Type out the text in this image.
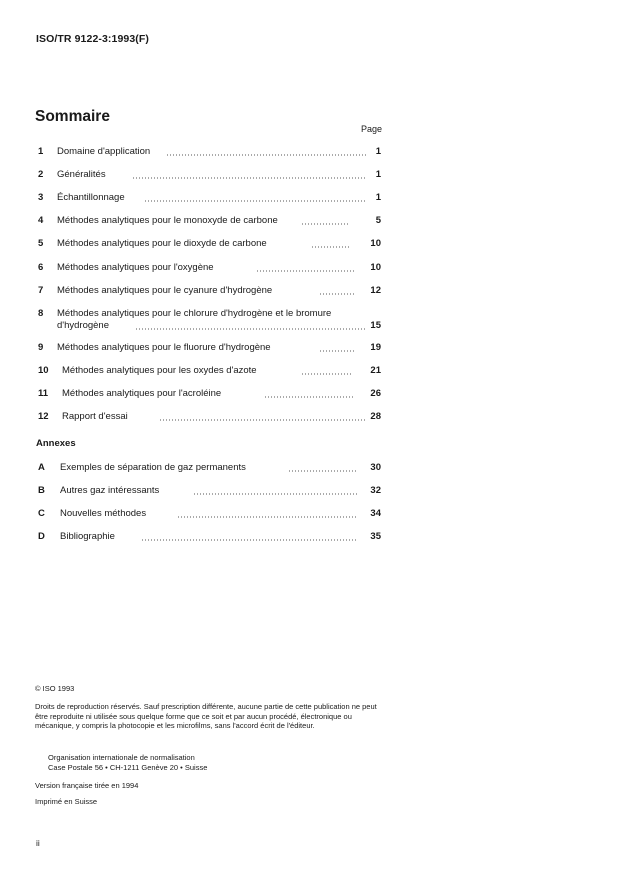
ISO/TR 9122-3:1993(F)
Sommaire
Page
1 Domaine d'application	1
2 Généralités	1
3 Échantillonnage	1
4 Méthodes analytiques pour le monoxyde de carbone	5
5 Méthodes analytiques pour le dioxyde de carbone	10
6 Méthodes analytiques pour l'oxygène	10
7 Méthodes analytiques pour le cyanure d'hydrogène	12
8 Méthodes analytiques pour le chlorure d'hydrogène et le bromure
d'hydrogène	15
9 Méthodes analytiques pour le fluorure d'hydrogène	19
10 Méthodes analytiques pour les oxydes d'azote	21
11 Méthodes analytiques pour l'acroléine	26
12 Rapport d'essai	28
A Exemples de séparation de gaz permanents	30
B Autres gaz intéressants	32
C Nouvelles méthodes	34
D Bibliographie	35
Annexes
© ISO 1993
Droits de reproduction réservés. Sauf prescription différente, aucune partie de cette publication ne peut être reproduite ni utilisée sous quelque forme que ce soit et par aucun procédé, électronique ou mécanique, y compris la photocopie et les microfilms, sans l'accord écrit de l'éditeur.
Organisation internationale de normalisation
Case Postale 56 • CH-1211 Genève 20 • Suisse
Version française tirée en 1994
Imprimé en Suisse
ii
